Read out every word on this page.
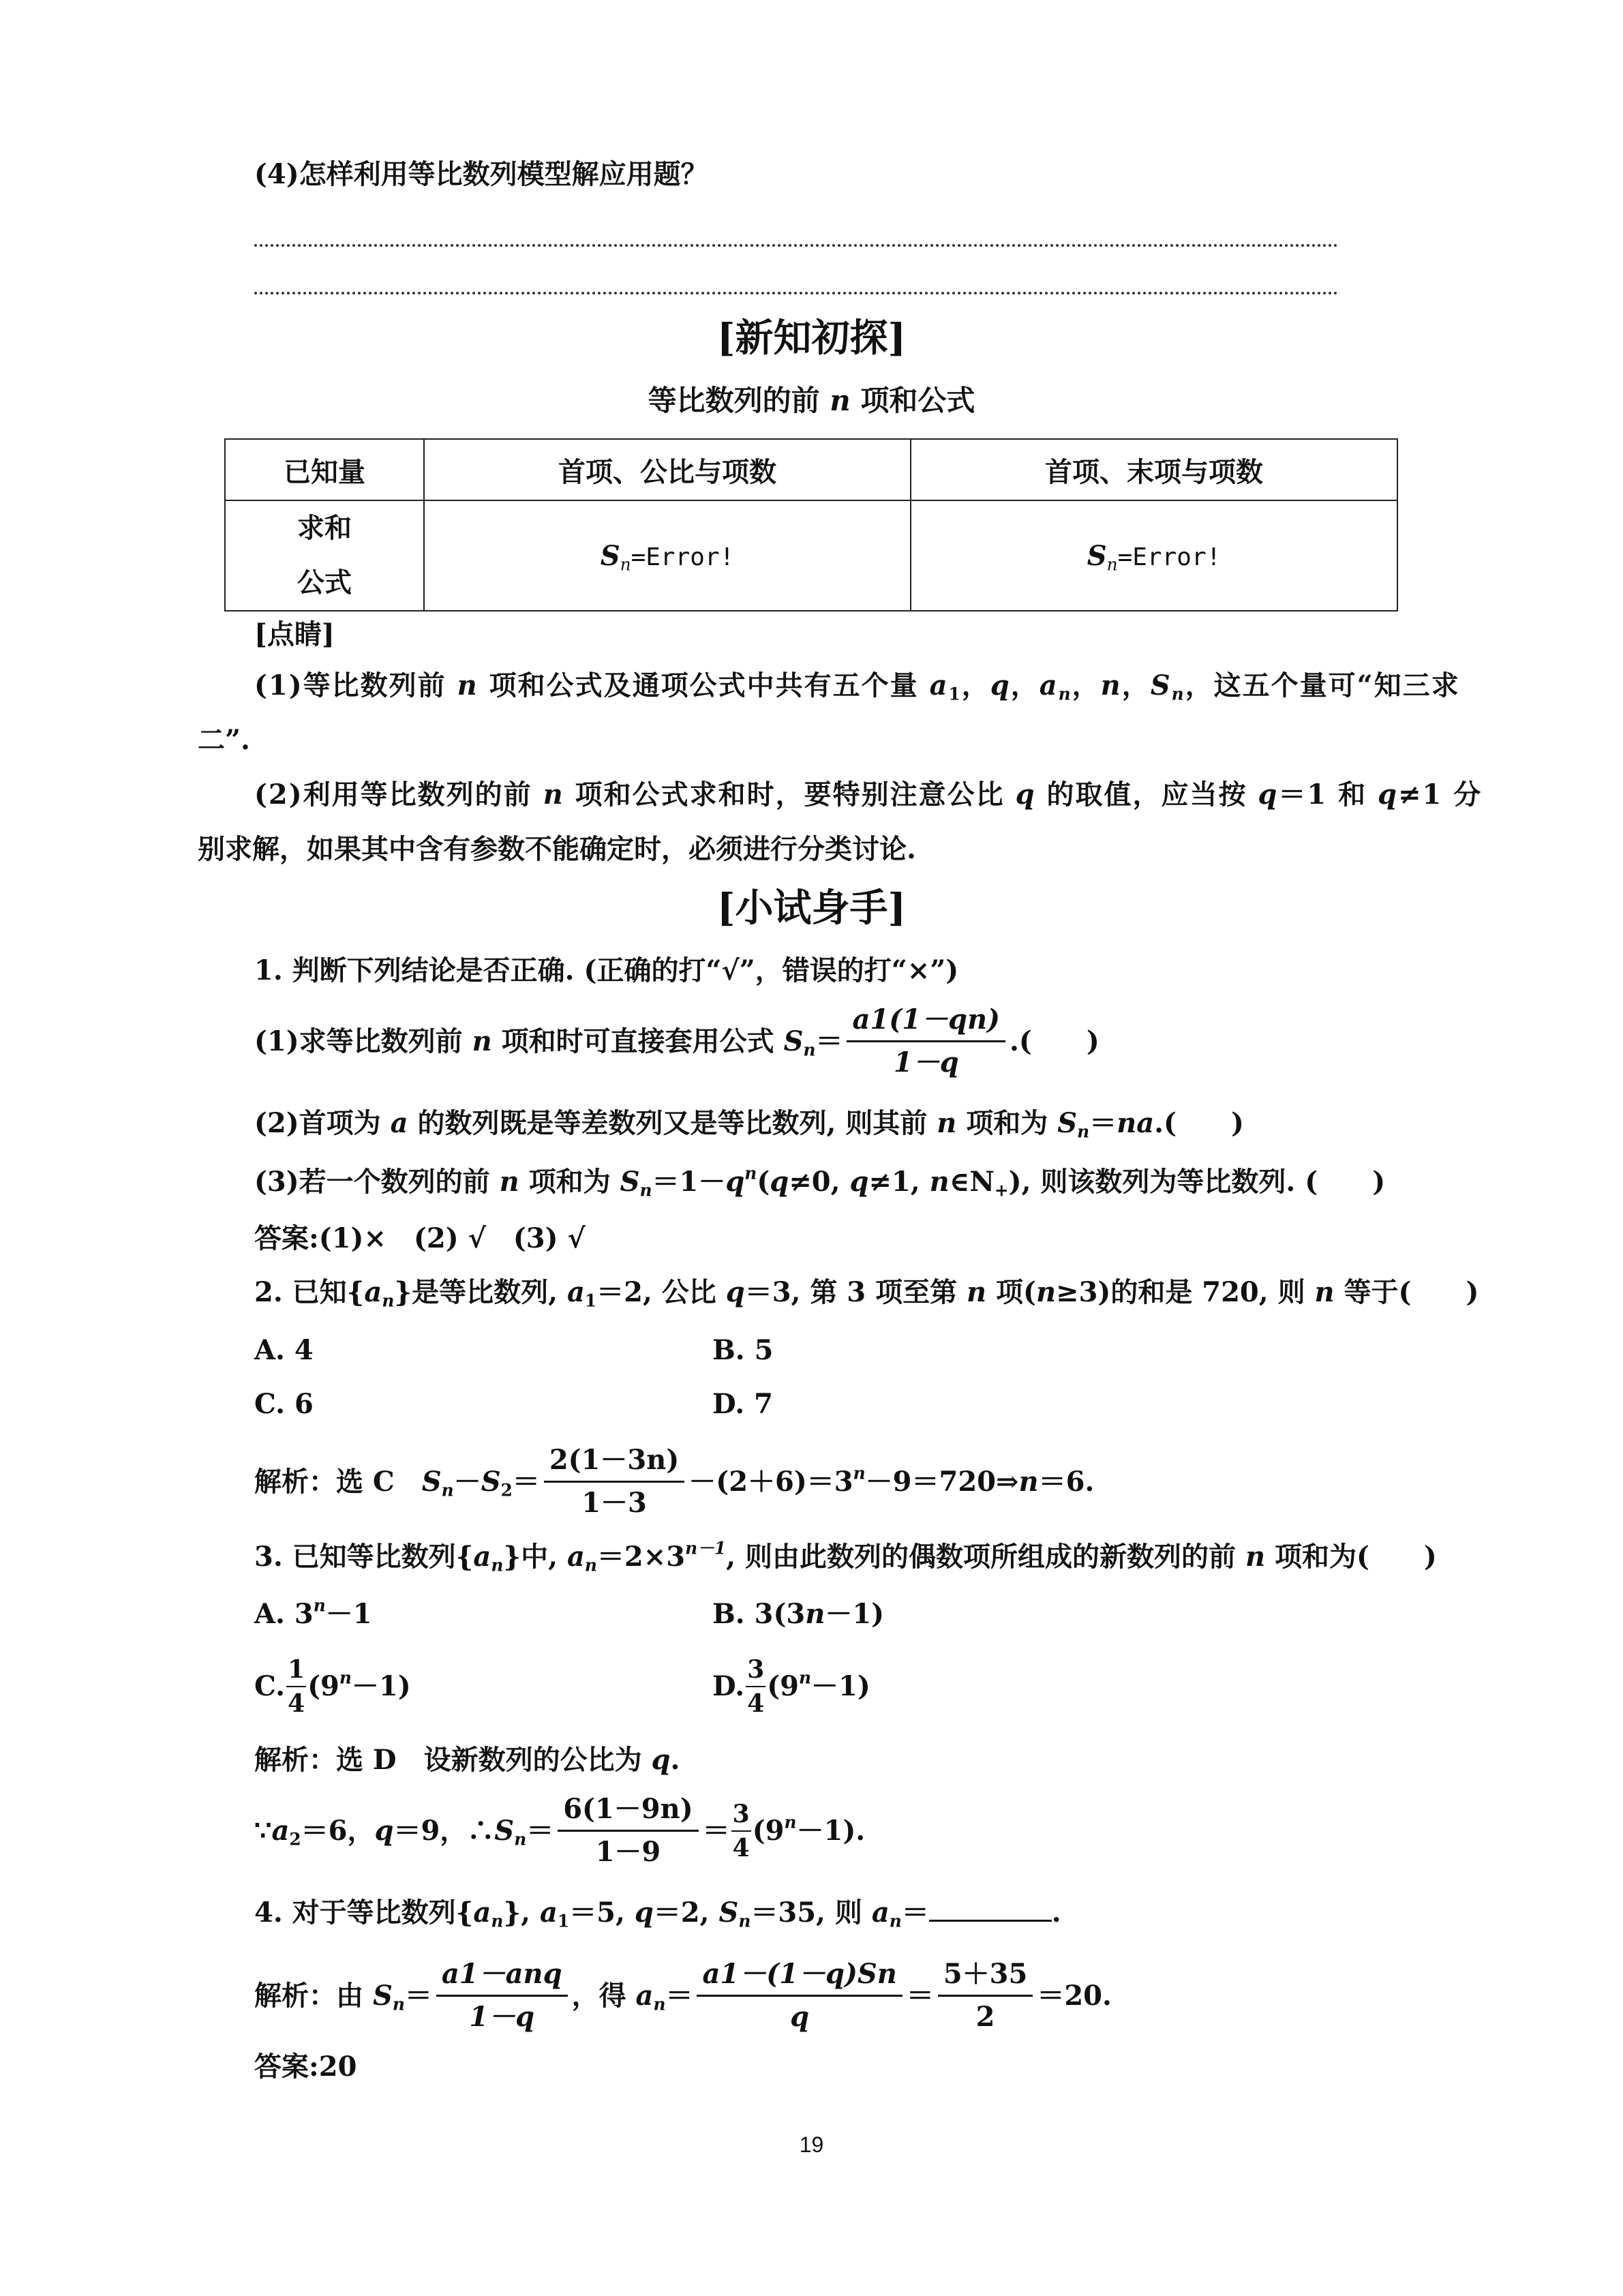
(4)怎样利用等比数列模型解应用题？
[新知初探]
等比数列的前 n 项和公式
已知量	首项、公比与项数	首项、末项与项数

求和
公式	$S_n=Error$!	$S_n=Error$!
[点睛]
(1)等比数列前 n 项和公式及通项公式中共有五个量 $a_1$，q，$a_n$，n，$S_n$，这五个量可“知三求
二”.
(2)利用等比数列的前 n 项和公式求和时，要特别注意公比 q 的取值，应当按 q＝1 和 q≠1 分
别求解，如果其中含有参数不能确定时，必须进行分类讨论.
[小试身手]
1. 判断下列结论是否正确. (正确的打“√”，错误的打“×”)
(1)求等比数列前 n 项和时可直接套用公式 $S_n= \frac{a1(1-qn)}{1-q}$ .(　　)
(2)首项为 a 的数列既是等差数列又是等比数列, 则其前 n 项和为 $S_n=na$.(　　)
(3)若一个数列的前 n 项和为 $S_n=1-q^n(q\ne 0$, q≠1, $n\in N_+$), 则该数列为等比数列. (　　)
答案:(1)×　(2) √　(3) √
2. 已知$\{a_n\}$是等比数列, $a_1=2$, 公比 q＝3, 第 3 项至第 n 项(n≥3)的和是 720, 则 n 等于(　　)
A. 4	B. 5
C. 6	D. 7
解析：选 C　$S_n-S_2= \frac{2(1-3n)}{1-3}$ $-(2+6)=3^n-9=720\Rightarrow n=6$.
3. 已知等比数列$\{a_n\}$中, $a_n=2\times 3^{n-1}$, 则由此数列的偶数项所组成的新数列的前 n 项和为(　　)
A. $3^n-1$	B. 3(3n－1)
C. $\frac{1}{4} (9^n-1)$	D. $\frac{3}{4} (9^n-1)$
解析：选 D　设新数列的公比为 q.
$\because a_2=6$，q＝9，$\therefore S_n= \frac{6(1-9n)}{1-9} = \frac{3}{4} (9^n-1)$.
4. 对于等比数列$\{a_n\}$, $a_1=5$, q＝2, $S_n=35$, 则 $a_n=$	.
解析：由 $S_n= \frac{\text{a1－anq}}{1-q}$ ，得 $a_n= \frac{a1-(1-q)Sn}{q} = \frac{5+35}{2} =20$.
答案:20
19
